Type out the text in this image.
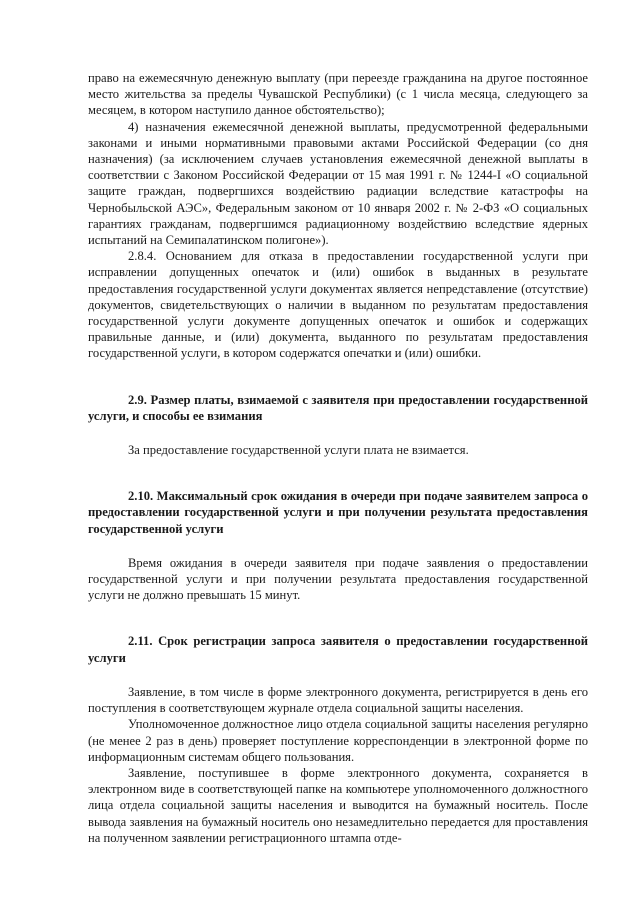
право на ежемесячную денежную выплату (при переезде гражданина на другое постоянное место жительства за пределы Чувашской Республики) (с 1 числа месяца, следующего за месяцем, в котором наступило данное обстоятельство);

4) назначения ежемесячной денежной выплаты, предусмотренной федеральными законами и иными нормативными правовыми актами Российской Федерации (со дня назначения) (за исключением случаев установления ежемесячной денежной выплаты в соответствии с Законом Российской Федерации от 15 мая 1991 г. № 1244-I «О социальной защите граждан, подвергшихся воздействию радиации вследствие катастрофы на Чернобыльской АЭС», Федеральным законом от 10 января 2002 г. № 2-ФЗ «О социальных гарантиях гражданам, подвергшимся радиационному воздействию вследствие ядерных испытаний на Семипалатинском полигоне»).

2.8.4. Основанием для отказа в предоставлении государственной услуги при исправлении допущенных опечаток и (или) ошибок в выданных в результате предоставления государственной услуги документах является непредставление (отсутствие) документов, свидетельствующих о наличии в выданном по результатам предоставления государственной услуги документе допущенных опечаток и ошибок и содержащих правильные данные, и (или) документа, выданного по результатам предоставления государственной услуги, в котором содержатся опечатки и (или) ошибки.

2.9. Размер платы, взимаемой с заявителя при предоставлении государственной услуги, и способы ее взимания

За предоставление государственной услуги плата не взимается.

2.10. Максимальный срок ожидания в очереди при подаче заявителем запроса о предоставлении государственной услуги и при получении результата предоставления государственной услуги

Время ожидания в очереди заявителя при подаче заявления о предоставлении государственной услуги и при получении результата предоставления государственной услуги не должно превышать 15 минут.

2.11. Срок регистрации запроса заявителя о предоставлении государственной услуги

Заявление, в том числе в форме электронного документа, регистрируется в день его поступления в соответствующем журнале отдела социальной защиты населения.

Уполномоченное должностное лицо отдела социальной защиты населения регулярно (не менее 2 раз в день) проверяет поступление корреспонденции в электронной форме по информационным системам общего пользования.

Заявление, поступившее в форме электронного документа, сохраняется в электронном виде в соответствующей папке на компьютере уполномоченного должностного лица отдела социальной защиты населения и выводится на бумажный носитель. После вывода заявления на бумажный носитель оно незамедлительно передается для проставления на полученном заявлении регистрационного штампа отде-
